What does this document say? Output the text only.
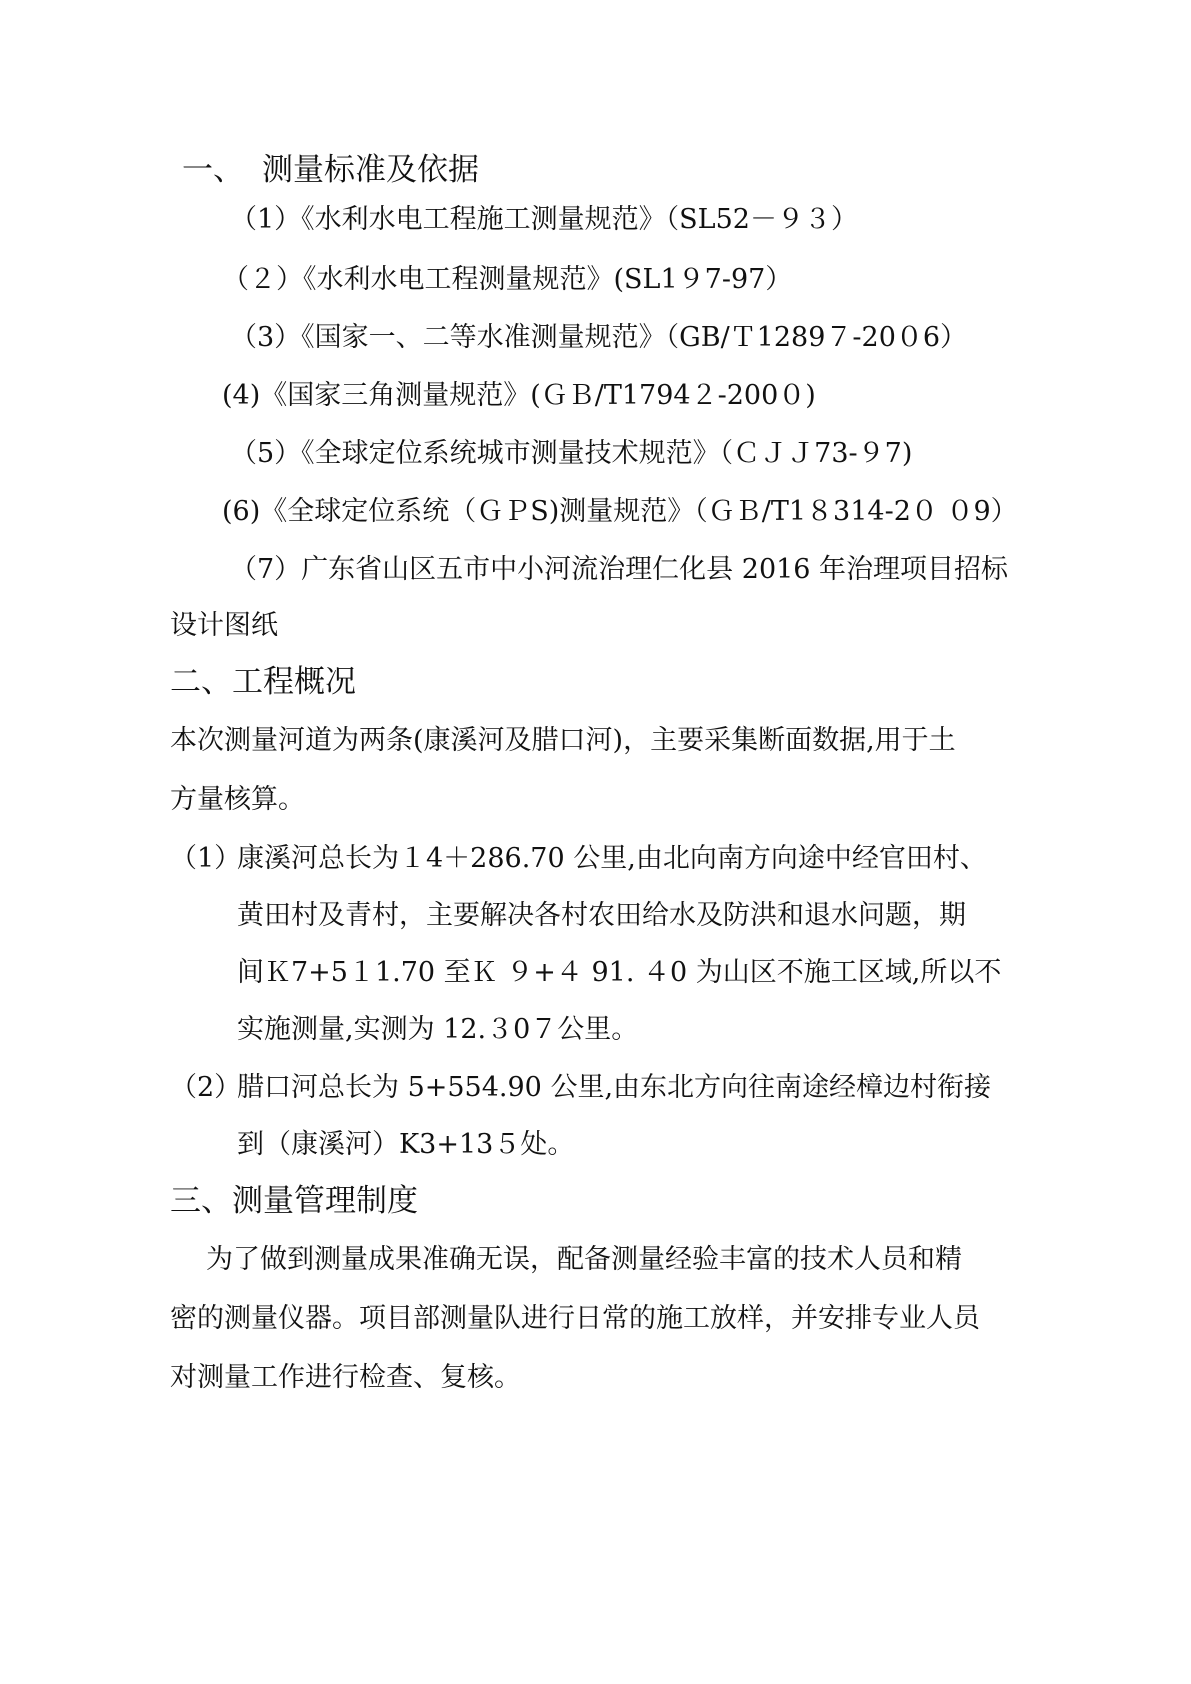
一、 测量标准及依据
（1）《水利水电工程施工测量规范》（SL52－９３）
（２）《水利水电工程测量规范》(SL1９7-97）
（3）《国家一、二等水准测量规范》（GB/Ｔ1289７-20０6）
(4)《国家三角测量规范》(ＧＢ/T1794２-200０)
（5）《全球定位系统城市测量技术规范》（ＣＪＪ73-９7)
(6)《全球定位系统（ＧＰS)测量规范》（ＧＢ/T1８314-2０ ０9）
（7）广东省山区五市中小河流治理仁化县 2016 年治理项目招标
设计图纸
二、工程概况
本次测量河道为两条(康溪河及腊口河)，主要采集断面数据,用于土
方量核算。
（1）
康溪河总长为１4＋286.70 公里,由北向南方向途中经官田村、
黄田村及青村，主要解决各村农田给水及防洪和退水问题，期
间Ｋ7+5１1.70 至Ｋ ９+４ 91. ４0 为山区不施工区域,所以不
实施测量,实测为 12.３0７公里。
（2）
腊口河总长为 5+554.90 公里,由东北方向往南途经樟边村衔接
到（康溪河）K3+13５处。
三、测量管理制度
为了做到测量成果准确无误，配备测量经验丰富的技术人员和精
密的测量仪器。项目部测量队进行日常的施工放样，并安排专业人员
对测量工作进行检查、复核。
